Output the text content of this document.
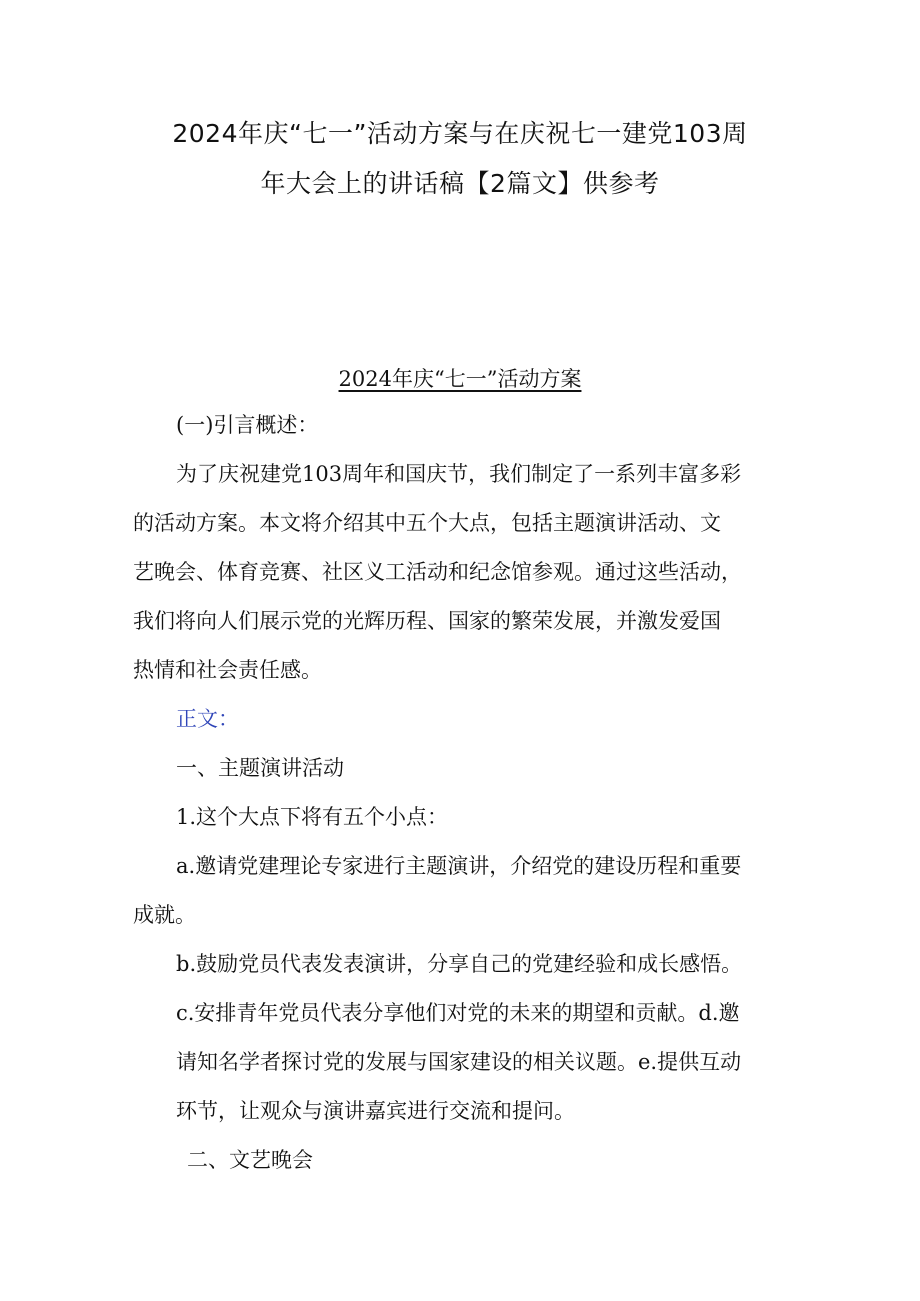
2024年庆“七一”活动方案与在庆祝七一建党103周
年大会上的讲话稿【2篇文】供参考
2024年庆“七一”活动方案
(一)引言概述：
为了庆祝建党103周年和国庆节，我们制定了一系列丰富多彩
的活动方案。本文将介绍其中五个大点，包括主题演讲活动、文
艺晚会、体育竞赛、社区义工活动和纪念馆参观。通过这些活动，
我们将向人们展示党的光辉历程、国家的繁荣发展，并激发爱国
热情和社会责任感。
正文：
一、主题演讲活动
1.这个大点下将有五个小点：
a.邀请党建理论专家进行主题演讲，介绍党的建设历程和重要
成就。
b.鼓励党员代表发表演讲，分享自己的党建经验和成长感悟。
c.安排青年党员代表分享他们对党的未来的期望和贡献。d.邀
请知名学者探讨党的发展与国家建设的相关议题。e.提供互动
环节，让观众与演讲嘉宾进行交流和提问。
二、文艺晚会
